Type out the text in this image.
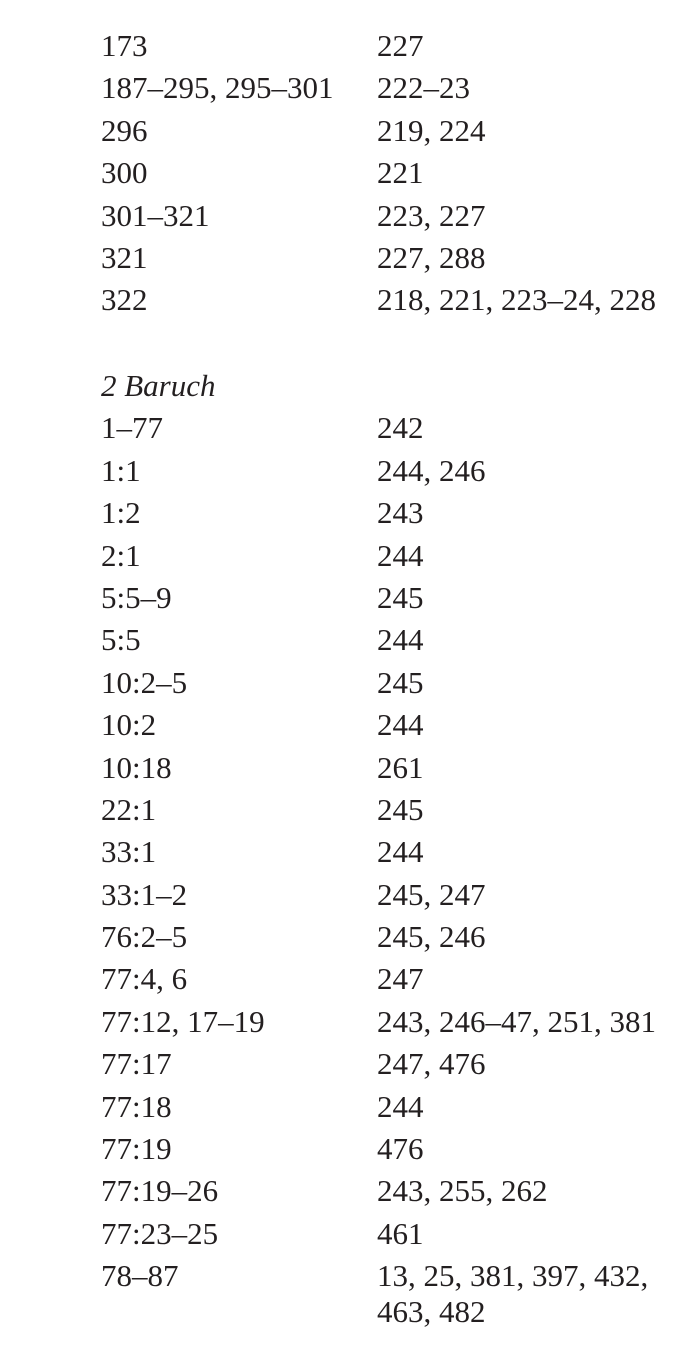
173	227
187–295, 295–301	222–23
296	219, 224
300	221
301–321	223, 227
321	227, 288
322	218, 221, 223–24, 228
2 Baruch
1–77	242
1:1	244, 246
1:2	243
2:1	244
5:5–9	245
5:5	244
10:2–5	245
10:2	244
10:18	261
22:1	245
33:1	244
33:1–2	245, 247
76:2–5	245, 246
77:4, 6	247
77:12, 17–19	243, 246–47, 251, 381
77:17	247, 476
77:18	244
77:19	476
77:19–26	243, 255, 262
77:23–25	461
78–87	13, 25, 381, 397, 432,
463, 482
